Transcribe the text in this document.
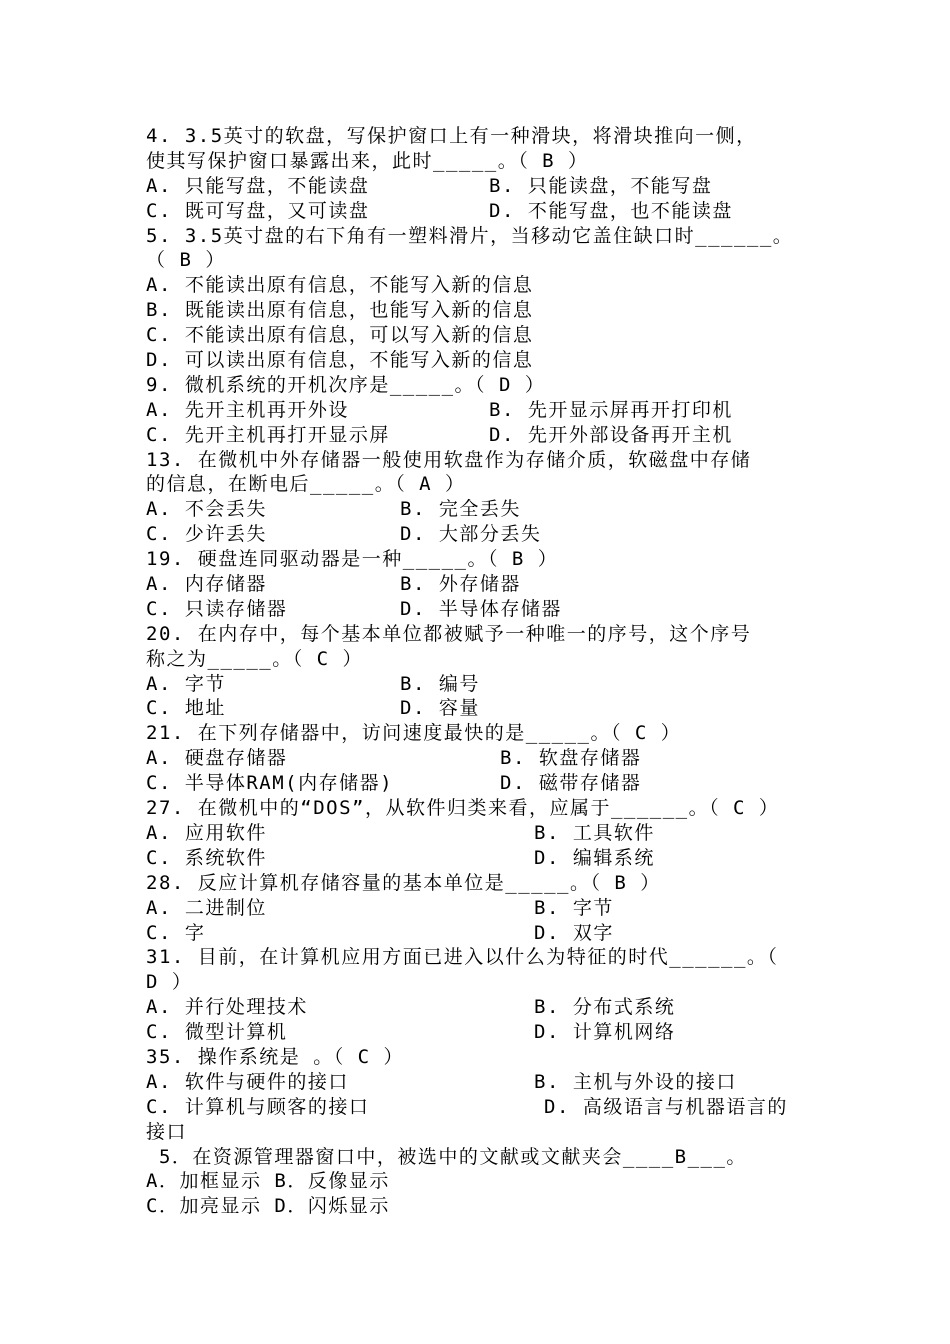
4. 3.5英寸的软盘，写保护窗口上有一种滑块，将滑块推向一侧，
使其写保护窗口暴露出来，此时_____。（ B ）
A. 只能写盘，不能读盘	B. 只能读盘，不能写盘
C. 既可写盘，又可读盘	D. 不能写盘，也不能读盘
5. 3.5英寸盘的右下角有一塑料滑片，当移动它盖住缺口时______。
（ B ）
A. 不能读出原有信息，不能写入新的信息
B. 既能读出原有信息，也能写入新的信息
C. 不能读出原有信息，可以写入新的信息
D. 可以读出原有信息，不能写入新的信息
9. 微机系统的开机次序是_____。（ D ）
A. 先开主机再开外设	B. 先开显示屏再开打印机
C. 先开主机再打开显示屏	D. 先开外部设备再开主机
13. 在微机中外存储器一般使用软盘作为存储介质，软磁盘中存储
的信息，在断电后_____。（ A ）
A. 不会丢失	B. 完全丢失
C. 少许丢失	D. 大部分丢失
19. 硬盘连同驱动器是一种_____。（ B ）
A. 内存储器	B. 外存储器
C. 只读存储器	D. 半导体存储器
20. 在内存中，每个基本单位都被赋予一种唯一的序号，这个序号
称之为_____。（ C ）
A. 字节	B. 编号
C. 地址	D. 容量
21. 在下列存储器中，访问速度最快的是_____。（ C ）
A. 硬盘存储器	B. 软盘存储器
C. 半导体RAM(内存储器)	D. 磁带存储器
27. 在微机中的“DOS”，从软件归类来看，应属于______。（ C ）
A. 应用软件	B. 工具软件
C. 系统软件	D. 编辑系统
28. 反应计算机存储容量的基本单位是_____。（ B ）
A. 二进制位	B. 字节
C. 字	D. 双字
31. 目前，在计算机应用方面已进入以什么为特征的时代______。（
D ）
A. 并行处理技术	B. 分布式系统
C. 微型计算机	D. 计算机网络
35. 操作系统是 。（ C ）
A. 软件与硬件的接口	B. 主机与外设的接口
C. 计算机与顾客的接口	D. 高级语言与机器语言的
接口
5．在资源管理器窗口中，被选中的文献或文献夹会____B___。
A．加框显示 B．反像显示
C．加亮显示 D．闪烁显示
